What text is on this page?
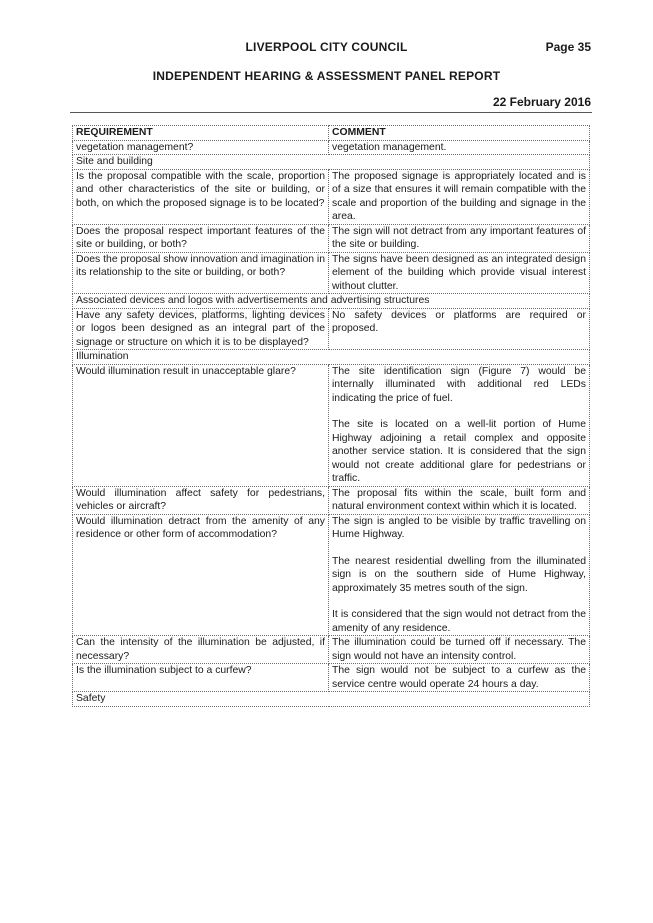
LIVERPOOL CITY COUNCIL	Page 35
INDEPENDENT HEARING & ASSESSMENT PANEL REPORT
22 February 2016
REQUIREMENT	COMMENT
vegetation management?	vegetation management.
Site and building	
Is the proposal compatible with the scale, proportion and other characteristics of the site or building, or both, on which the proposed signage is to be located?	The proposed signage is appropriately located and is of a size that ensures it will remain compatible with the scale and proportion of the building and signage in the area.

Does the proposal respect important features of the site or building, or both?	The sign will not detract from any important features of the site or building.

Does the proposal show innovation and imagination in its relationship to the site or building, or both?	The signs have been designed as an integrated design element of the building which provide visual interest without clutter.

Associated devices and logos with advertisements and advertising structures	
Have any safety devices, platforms, lighting devices or logos been designed as an integral part of the signage or structure on which it is to be displayed?	No safety devices or platforms are required or proposed.

Illumination	
Would illumination result in unacceptable glare?	The site identification sign (Figure 7) would be internally illuminated with additional red LEDs indicating the price of fuel.
The site is located on a well-lit portion of Hume Highway adjoining a retail complex and opposite another service station. It is considered that the sign would not create additional glare for pedestrians or traffic.

Would illumination affect safety for pedestrians, vehicles or aircraft?	The proposal fits within the scale, built form and natural environment context within which it is located.

Would illumination detract from the amenity of any residence or other form of accommodation?	The sign is angled to be visible by traffic travelling on Hume Highway.
The nearest residential dwelling from the illuminated sign is on the southern side of Hume Highway, approximately 35 metres south of the sign.
It is considered that the sign would not detract from the amenity of any residence.

Can the intensity of the illumination be adjusted, if necessary?	The illumination could be turned off if necessary. The sign would not have an intensity control.

Is the illumination subject to a curfew?	The sign would not be subject to a curfew as the service centre would operate 24 hours a day.

Safety	
